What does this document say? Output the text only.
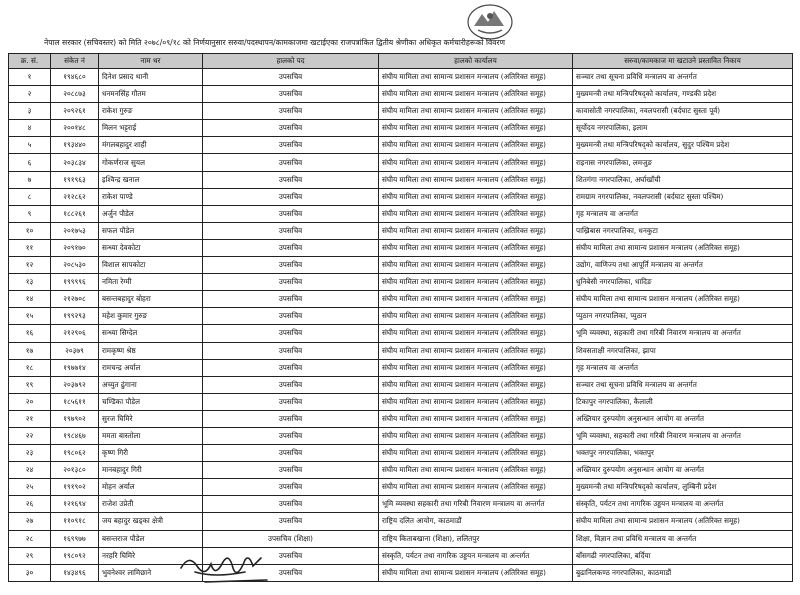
नेपाल सरकार (सचिवस्तर) को मिति २०७८/०९/१८ को निर्णयानुसार सरुवा/पदस्थापन/कामकाजमा खटाईएका राजपत्रांकित द्वितीय श्रेणीका अधिकृत कर्मचारीहरूको विवरण
क्र. सं.	संकेत नं	नाम थर	हालको पद	हालको कार्यालय	सरुवा/कामकाज मा खटाउने प्रस्तावित निकाय
१	१९४६८०	दिनेश प्रसाद थानी	उपसचिव	संघीय मामिला तथा सामान्य प्रशासन मन्त्रालय (अतिरिक्त समूह)	सञ्चार तथा सूचना प्रविधि मन्त्रालय वा अन्तर्गत
२	२०८८७३	धनमनसिंह गौतम	उपसचिव	संघीय मामिला तथा सामान्य प्रशासन मन्त्रालय (अतिरिक्त समूह)	मुख्यमन्त्री तथा मन्त्रिपरिषद्को कार्यालय, गण्डकी प्रदेश
३	२०९२६१	राकेश गुरुङ	उपसचिव	संघीय मामिला तथा सामान्य प्रशासन मन्त्रालय (अतिरिक्त समूह)	कावासोती नगरपालिका, नवलपरासी (बर्दघाट सुस्ता पूर्व)
४	२००१४८	मिलन भट्टराई	उपसचिव	संघीय मामिला तथा सामान्य प्रशासन मन्त्रालय (अतिरिक्त समूह)	सूर्योदय नगरपालिका, इलाम
५	१९३४४०	मंगलबहादुर शाही	उपसचिव	संघीय मामिला तथा सामान्य प्रशासन मन्त्रालय (अतिरिक्त समूह)	मुख्यमन्त्री तथा मन्त्रिपरिषद्को कार्यालय, सुदुर पश्चिम प्रदेश
६	२०३८३४	गोकर्णराज सुयल	उपसचिव	संघीय मामिला तथा सामान्य प्रशासन मन्त्रालय (अतिरिक्त समूह)	राइनास नगरपालिका, लमजुङ
७	१९१९६३	इश्विन्द्र खनाल	उपसचिव	संघीय मामिला तथा सामान्य प्रशासन मन्त्रालय (अतिरिक्त समूह)	शितगंगा नगरपालिका, अर्घाखाँची
८	२१२८६२	राकेश पाण्डे	उपसचिव	संघीय मामिला तथा सामान्य प्रशासन मन्त्रालय (अतिरिक्त समूह)	रामग्राम नगरपालिका, नवलपरासी (बर्दघाट सुस्ता पश्चिम)
९	१८८२६१	अर्जुन पौडेल	उपसचिव	संघीय मामिला तथा सामान्य प्रशासन मन्त्रालय (अतिरिक्त समूह)	गृह मन्त्रालय वा अन्तर्गत
१०	२०१७५३	सफल पौडेल	उपसचिव	संघीय मामिला तथा सामान्य प्रशासन मन्त्रालय (अतिरिक्त समूह)	पाख्रिबास नगरपालिका, धनकुटा
११	२०९१७०	सन्ध्या देवकोटा	उपसचिव	संघीय मामिला तथा सामान्य प्रशासन मन्त्रालय (अतिरिक्त समूह)	संघीय मामिला तथा सामान्य प्रशासन मन्त्रालय (अतिरिक्त समूह)
१२	२०८५३०	विशाल सापकोटा	उपसचिव	संघीय मामिला तथा सामान्य प्रशासन मन्त्रालय (अतिरिक्त समूह)	उद्योग, वाणिज्य तथा आपूर्ति मन्त्रालय वा अन्तर्गत
१३	१९९९९६	नमिता रेग्मी	उपसचिव	संघीय मामिला तथा सामान्य प्रशासन मन्त्रालय (अतिरिक्त समूह)	धुनिबेसी नगरपालिका, धादिङ
१४	२१२७०८	बसन्तबहादुर बोहरा	उपसचिव	संघीय मामिला तथा सामान्य प्रशासन मन्त्रालय (अतिरिक्त समूह)	संघीय मामिला तथा सामान्य प्रशासन मन्त्रालय (अतिरिक्त समूह)
१५	१९९२९३	महेश कुमार गुरुङ	उपसचिव	संघीय मामिला तथा सामान्य प्रशासन मन्त्रालय (अतिरिक्त समूह)	प्युठान नगरपालिका, प्युठान
१६	२१२९०६	सन्ध्या सिग्देल	उपसचिव	संघीय मामिला तथा सामान्य प्रशासन मन्त्रालय (अतिरिक्त समूह)	भूमि व्यवस्था, सहकारी तथा गरिबी निवारण मन्त्रालय वा अन्तर्गत
१७	२०३७९	रामकृष्ण श्रेष्ठ	उपसचिव	संघीय मामिला तथा सामान्य प्रशासन मन्त्रालय (अतिरिक्त समूह)	शिवसताक्षी नगरपालिका, झापा
१८	१९७७१४	रामचन्द्र अर्याल	उपसचिव	संघीय मामिला तथा सामान्य प्रशासन मन्त्रालय (अतिरिक्त समूह)	गृह मन्त्रालय वा अन्तर्गत
१९	२०३७९२	अच्युत ढुंगाना	उपसचिव	संघीय मामिला तथा सामान्य प्रशासन मन्त्रालय (अतिरिक्त समूह)	सञ्चार तथा सूचना प्रविधि मन्त्रालय वा अन्तर्गत
२०	१८५६११	चण्डिका पौडेल	उपसचिव	संघीय मामिला तथा सामान्य प्रशासन मन्त्रालय (अतिरिक्त समूह)	टिकापुर नगरपालिका, कैलाली
२१	१९७९०२	सुरज घिमिरे	उपसचिव	संघीय मामिला तथा सामान्य प्रशासन मन्त्रालय (अतिरिक्त समूह)	अख्तियार दुरुपयोग अनुसन्धान आयोग वा अन्तर्गत
२२	१९८४६७	ममता बास्तोला	उपसचिव	संघीय मामिला तथा सामान्य प्रशासन मन्त्रालय (अतिरिक्त समूह)	भूमि व्यवस्था, सहकारी तथा गरिबी निवारण मन्त्रालय वा अन्तर्गत
२३	१९८०६२	कृष्ण गिरी	उपसचिव	संघीय मामिला तथा सामान्य प्रशासन मन्त्रालय (अतिरिक्त समूह)	भक्तपुर नगरपालिका, भक्तपुर
२४	२०१३८०	मानबहादुर गिरी	उपसचिव	संघीय मामिला तथा सामान्य प्रशासन मन्त्रालय (अतिरिक्त समूह)	अख्तियार दुरुपयोग अनुसन्धान आयोग वा अन्तर्गत
२५	१९१९०२	मोहन अर्याल	उपसचिव	संघीय मामिला तथा सामान्य प्रशासन मन्त्रालय (अतिरिक्त समूह)	मुख्यमन्त्री तथा मन्त्रिपरिषद्को कार्यालय, लुम्बिनी प्रदेश
२६	१२१६९४	राजेश उप्रेती	उपसचिव	भूमि व्यवस्था सहकारी तथा गरिबी निवारण मन्त्रालय वा अन्तर्गत	संस्कृति, पर्यटन तथा नागरिक उड्डयन मन्त्रालय वा अन्तर्गत
२७	११०९१८	जय बहादुर खड्का क्षेत्री	उपसचिव	राष्ट्रिय दलित आयोग, काठमाडौं	संघीय मामिला तथा सामान्य प्रशासन मन्त्रालय (अतिरिक्त समूह)
२८	१६९९७७	बसन्तराज पौडेल	उपसचिव (शिक्षा)	राष्ट्रिय किताबखाना (शिक्षा), ललितपुर	शिक्षा, विज्ञान तथा प्रविधि मन्त्रालय वा अन्तर्गत
२९	१९८०९२	नरहरि घिमिरे	उपसचिव	संस्कृति, पर्यटन तथा नागरिक उड्डयन मन्त्रालय वा अन्तर्गत	बाँसगढी नगरपालिका, बर्दिया
३०	१४३४९६	भुवनेश्वर लामिछाने	उपसचिव	संघीय मामिला तथा सामान्य प्रशासन मन्त्रालय (अतिरिक्त समूह)	बुढानिलकण्ठ नगरपालिका, काठमाडौं
